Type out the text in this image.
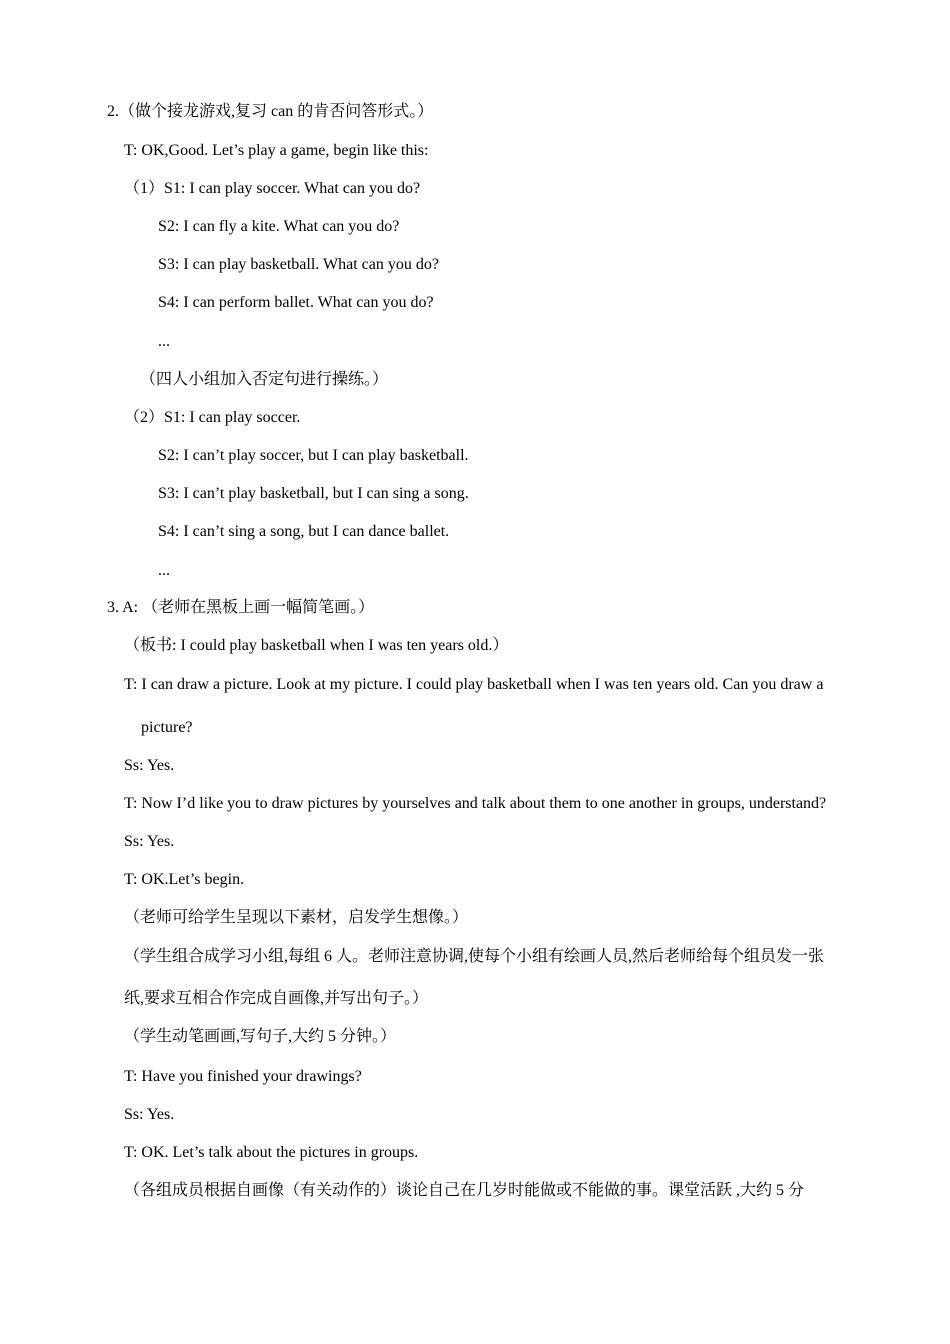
2.（做个接龙游戏,复习 can 的肯否问答形式。）
T: OK,Good. Let’s play a game, begin like this:
（1）S1: I can play soccer. What can you do?
S2: I can fly a kite. What can you do?
S3: I can play basketball. What can you do?
S4: I can perform ballet. What can you do?
...
（四人小组加入否定句进行操练。）
（2）S1: I can play soccer.
S2: I can’t play soccer, but I can play basketball.
S3: I can’t play basketball, but I can sing a song.
S4: I can’t sing a song, but I can dance ballet.
...
3. A: （老师在黑板上画一幅简笔画。）
（板书: I could play basketball when I was ten years old.）
T: I can draw a picture. Look at my picture. I could play basketball when I was ten years old. Can you draw a
picture?
Ss: Yes.
T: Now I’d like you to draw pictures by yourselves and talk about them to one another in groups, understand?
Ss: Yes.
T: OK.Let’s begin.
（老师可给学生呈现以下素材，启发学生想像。）
（学生组合成学习小组,每组 6 人。老师注意协调,使每个小组有绘画人员,然后老师给每个组员发一张
纸,要求互相合作完成自画像,并写出句子。）
（学生动笔画画,写句子,大约 5 分钟。）
T: Have you finished your drawings?
Ss: Yes.
T: OK. Let’s talk about the pictures in groups.
（各组成员根据自画像（有关动作的）谈论自己在几岁时能做或不能做的事。课堂活跃 ,大约 5 分
